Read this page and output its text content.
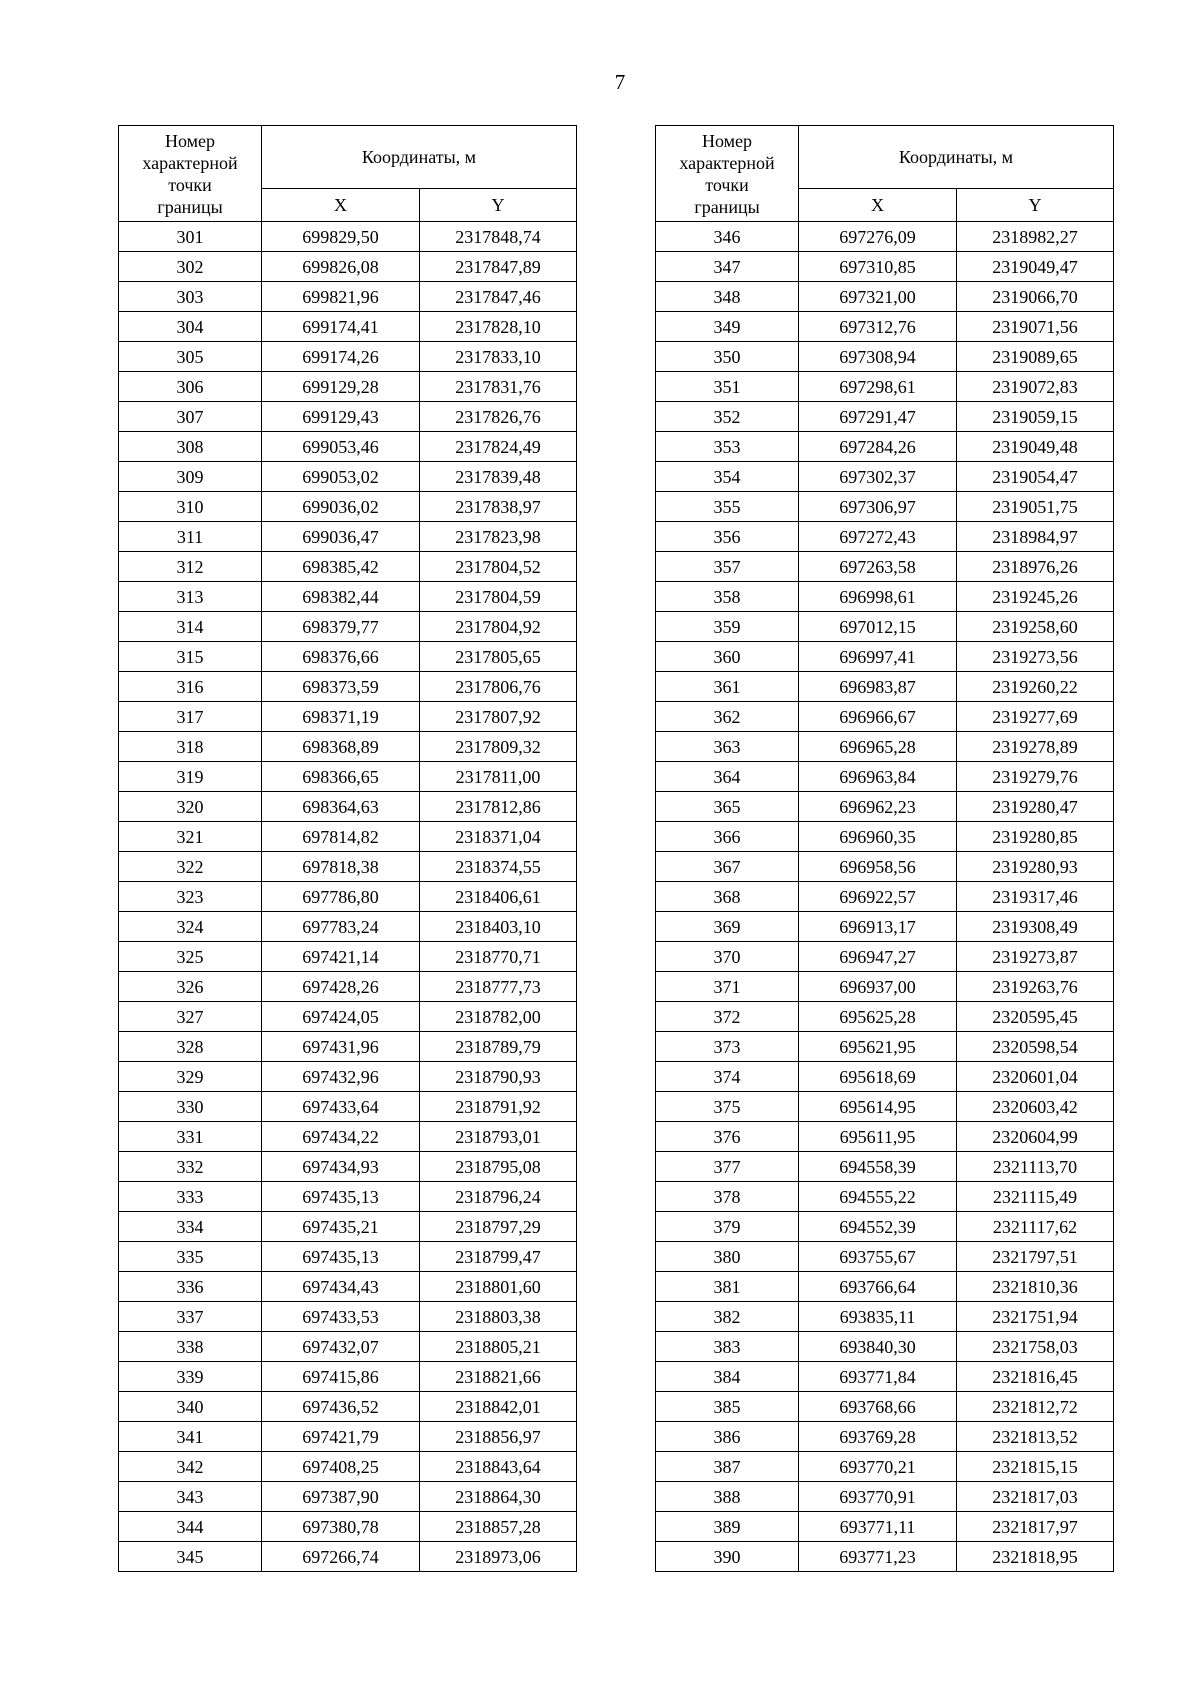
7
Номер
характерной
точки
границы	Координаты, м	
	X	Y
301	699829,50	2317848,74
302	699826,08	2317847,89
303	699821,96	2317847,46
304	699174,41	2317828,10
305	699174,26	2317833,10
306	699129,28	2317831,76
307	699129,43	2317826,76
308	699053,46	2317824,49
309	699053,02	2317839,48
310	699036,02	2317838,97
311	699036,47	2317823,98
312	698385,42	2317804,52
313	698382,44	2317804,59
314	698379,77	2317804,92
315	698376,66	2317805,65
316	698373,59	2317806,76
317	698371,19	2317807,92
318	698368,89	2317809,32
319	698366,65	2317811,00
320	698364,63	2317812,86
321	697814,82	2318371,04
322	697818,38	2318374,55
323	697786,80	2318406,61
324	697783,24	2318403,10
325	697421,14	2318770,71
326	697428,26	2318777,73
327	697424,05	2318782,00
328	697431,96	2318789,79
329	697432,96	2318790,93
330	697433,64	2318791,92
331	697434,22	2318793,01
332	697434,93	2318795,08
333	697435,13	2318796,24
334	697435,21	2318797,29
335	697435,13	2318799,47
336	697434,43	2318801,60
337	697433,53	2318803,38
338	697432,07	2318805,21
339	697415,86	2318821,66
340	697436,52	2318842,01
341	697421,79	2318856,97
342	697408,25	2318843,64
343	697387,90	2318864,30
344	697380,78	2318857,28
345	697266,74	2318973,06
Номер
характерной
точки
границы	Координаты, м	
	X	Y
346	697276,09	2318982,27
347	697310,85	2319049,47
348	697321,00	2319066,70
349	697312,76	2319071,56
350	697308,94	2319089,65
351	697298,61	2319072,83
352	697291,47	2319059,15
353	697284,26	2319049,48
354	697302,37	2319054,47
355	697306,97	2319051,75
356	697272,43	2318984,97
357	697263,58	2318976,26
358	696998,61	2319245,26
359	697012,15	2319258,60
360	696997,41	2319273,56
361	696983,87	2319260,22
362	696966,67	2319277,69
363	696965,28	2319278,89
364	696963,84	2319279,76
365	696962,23	2319280,47
366	696960,35	2319280,85
367	696958,56	2319280,93
368	696922,57	2319317,46
369	696913,17	2319308,49
370	696947,27	2319273,87
371	696937,00	2319263,76
372	695625,28	2320595,45
373	695621,95	2320598,54
374	695618,69	2320601,04
375	695614,95	2320603,42
376	695611,95	2320604,99
377	694558,39	2321113,70
378	694555,22	2321115,49
379	694552,39	2321117,62
380	693755,67	2321797,51
381	693766,64	2321810,36
382	693835,11	2321751,94
383	693840,30	2321758,03
384	693771,84	2321816,45
385	693768,66	2321812,72
386	693769,28	2321813,52
387	693770,21	2321815,15
388	693770,91	2321817,03
389	693771,11	2321817,97
390	693771,23	2321818,95
